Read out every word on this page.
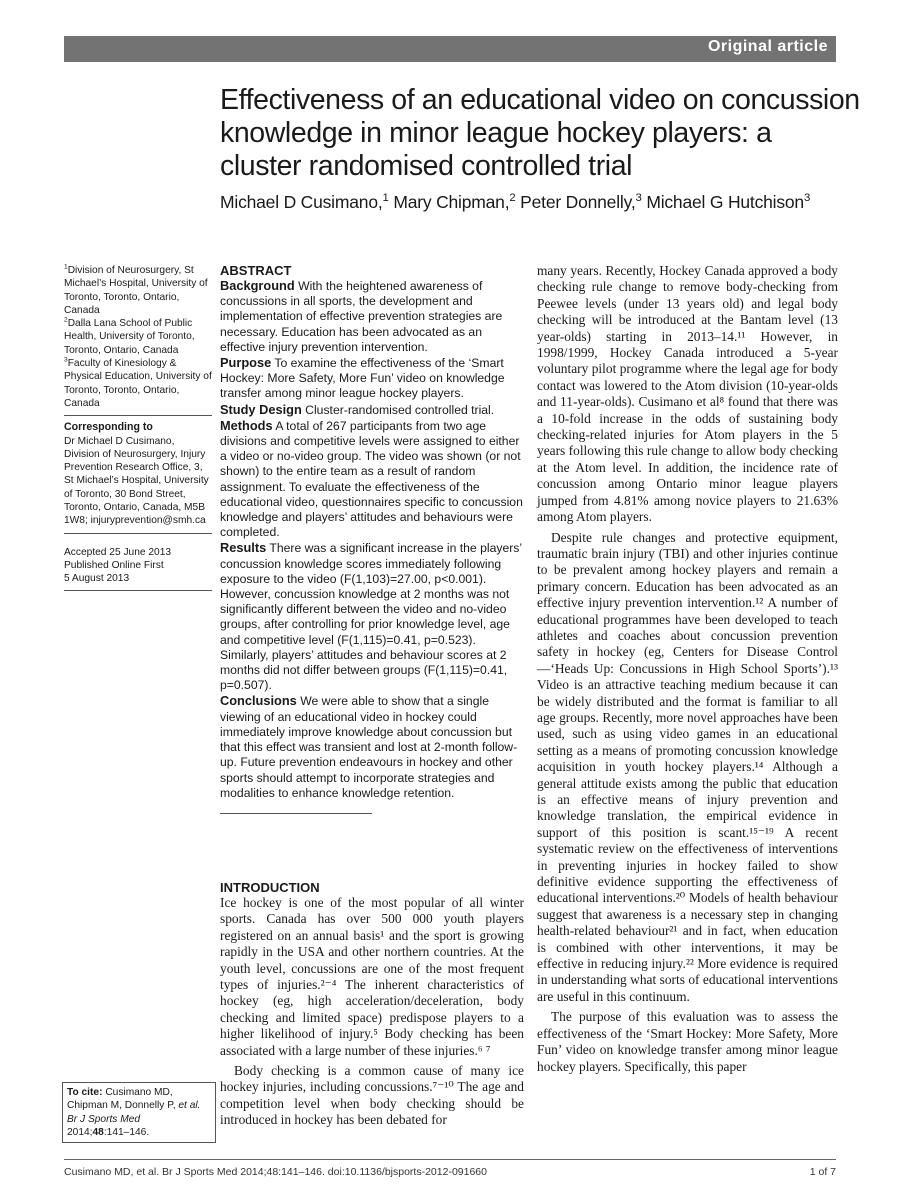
Original article
Effectiveness of an educational video on concussion knowledge in minor league hockey players: a cluster randomised controlled trial
Michael D Cusimano,$^1$ Mary Chipman,$^2$ Peter Donnelly,$^3$ Michael G Hutchison$^3$

$^1$Division of Neurosurgery, St Michael’s Hospital, University of Toronto, Toronto, Ontario, Canada

$^2$Dalla Lana School of Public Health, University of Toronto, Toronto, Ontario, Canada

$^3$Faculty of Kinesiology & Physical Education, University of Toronto, Toronto, Ontario, Canada

Corresponding to

Dr Michael D Cusimano, Division of Neurosurgery, Injury Prevention Research Office, 3, St Michael’s Hospital, University of Toronto, 30 Bond Street, Toronto, Ontario, Canada, M5B 1W8; injuryprevention@smh.ca

Accepted 25 June 2013

Published Online First

5 August 2013

To cite: Cusimano MD, Chipman M, Donnelly P, et al. Br J Sports Med
2014;48:141–146.

ABSTRACT

Background With the heightened awareness of concussions in all sports, the development and implementation of effective prevention strategies are necessary. Education has been advocated as an effective injury prevention intervention.

Purpose To examine the effectiveness of the ‘Smart Hockey: More Safety, More Fun’ video on knowledge transfer among minor league hockey players.

Study Design Cluster-randomised controlled trial.

Methods A total of 267 participants from two age divisions and competitive levels were assigned to either a video or no-video group. The video was shown (or not shown) to the entire team as a result of random assignment. To evaluate the effectiveness of the educational video, questionnaires specific to concussion knowledge and players’ attitudes and behaviours were completed.

Results There was a significant increase in the players’ concussion knowledge scores immediately following exposure to the video (F(1,103)=27.00, p<0.001). However, concussion knowledge at 2 months was not significantly different between the video and no-video groups, after controlling for prior knowledge level, age and competitive level (F(1,115)=0.41, p=0.523). Similarly, players’ attitudes and behaviour scores at 2 months did not differ between groups (F(1,115)=0.41, p=0.507).

Conclusions We were able to show that a single viewing of an educational video in hockey could immediately improve knowledge about concussion but that this effect was transient and lost at 2-month follow-up. Future prevention endeavours in hockey and other sports should attempt to incorporate strategies and modalities to enhance knowledge retention.

INTRODUCTION

Ice hockey is one of the most popular of all winter sports. Canada has over 500 000 youth players registered on an annual basis¹ and the sport is growing rapidly in the USA and other northern countries. At the youth level, concussions are one of the most frequent types of injuries.²⁻⁴ The inherent characteristics of hockey (eg, high acceleration/deceleration, body checking and limited space) predispose players to a higher likelihood of injury.⁵ Body checking has been associated with a large number of these injuries.⁶ ⁷

Body checking is a common cause of many ice hockey injuries, including concussions.⁷⁻¹⁰ The age and competition level when body checking should be introduced in hockey has been debated for

many years. Recently, Hockey Canada approved a body checking rule change to remove body-checking from Peewee levels (under 13 years old) and legal body checking will be introduced at the Bantam level (13 year-olds) starting in 2013–14.¹¹ However, in 1998/1999, Hockey Canada introduced a 5-year voluntary pilot programme where the legal age for body contact was lowered to the Atom division (10-year-olds and 11-year-olds). Cusimano et al⁸ found that there was a 10-fold increase in the odds of sustaining body checking-related injuries for Atom players in the 5 years following this rule change to allow body checking at the Atom level. In addition, the incidence rate of concussion among Ontario minor league players jumped from 4.81% among novice players to 21.63% among Atom players.

Despite rule changes and protective equipment, traumatic brain injury (TBI) and other injuries continue to be prevalent among hockey players and remain a primary concern. Education has been advocated as an effective injury prevention intervention.¹² A number of educational programmes have been developed to teach athletes and coaches about concussion prevention safety in hockey (eg, Centers for Disease Control—‘Heads Up: Concussions in High School Sports’).¹³ Video is an attractive teaching medium because it can be widely distributed and the format is familiar to all age groups. Recently, more novel approaches have been used, such as using video games in an educational setting as a means of promoting concussion knowledge acquisition in youth hockey players.¹⁴ Although a general attitude exists among the public that education is an effective means of injury prevention and knowledge translation, the empirical evidence in support of this position is scant.¹⁵⁻¹⁹ A recent systematic review on the effectiveness of interventions in preventing injuries in hockey failed to show definitive evidence supporting the effectiveness of educational interventions.²⁰ Models of health behaviour suggest that awareness is a necessary step in changing health-related behaviour²¹ and in fact, when education is combined with other interventions, it may be effective in reducing injury.²² More evidence is required in understanding what sorts of educational interventions are useful in this continuum.

The purpose of this evaluation was to assess the effectiveness of the ‘Smart Hockey: More Safety, More Fun’ video on knowledge transfer among minor league hockey players. Specifically, this paper

Cusimano MD, et al. Br J Sports Med 2014;48:141–146. doi:10.1136/bjsports-2012-091660	1 of 7
